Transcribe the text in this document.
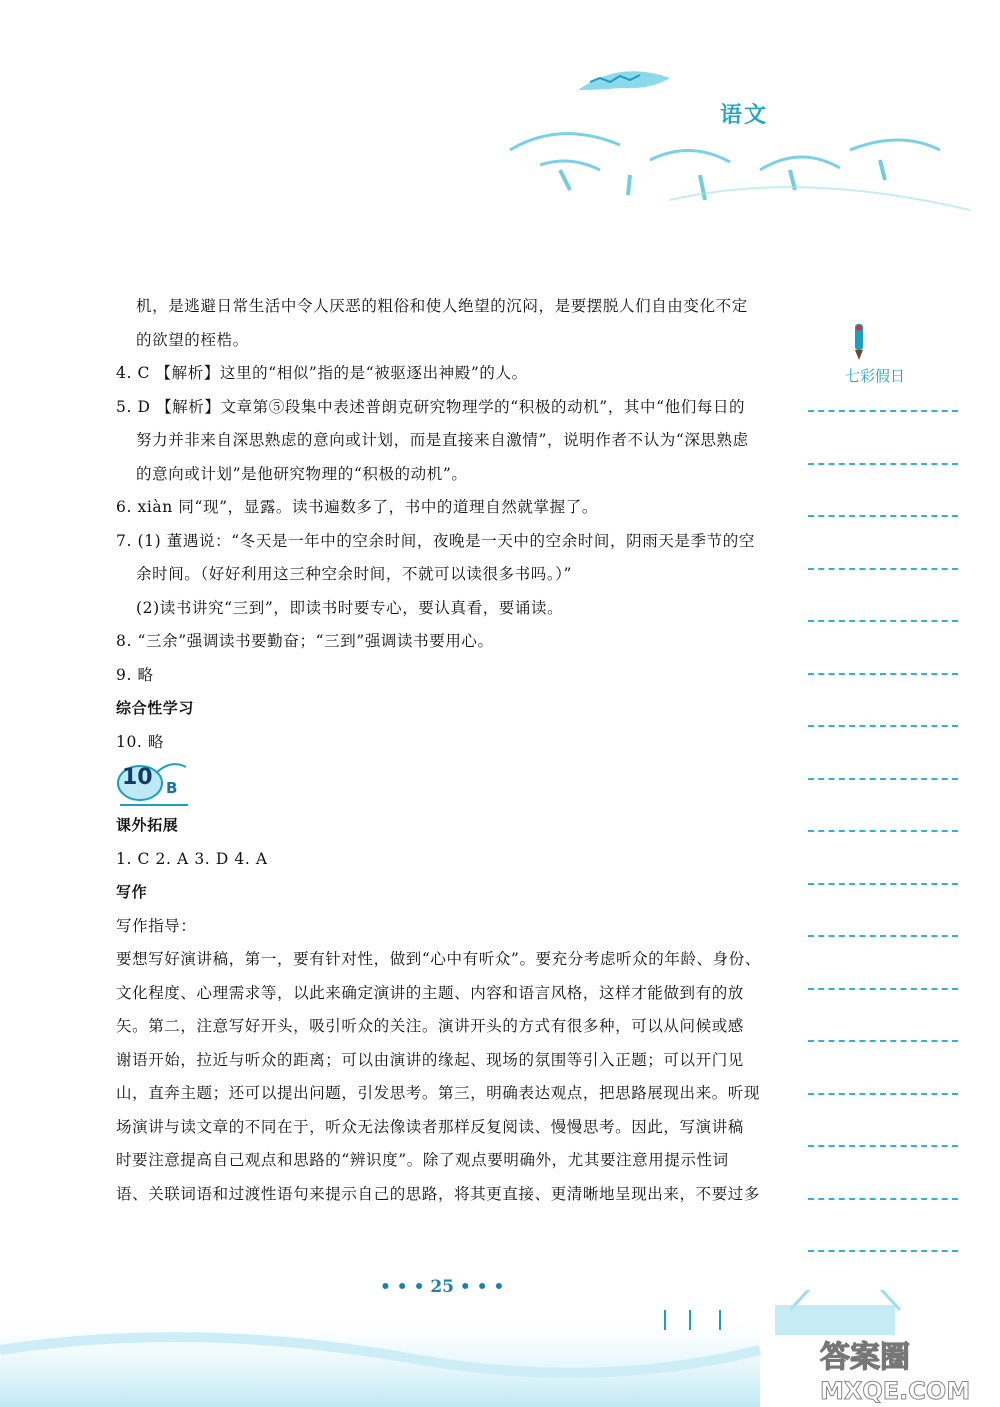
语文
七彩假日
机，是逃避日常生活中令人厌恶的粗俗和使人绝望的沉闷，是要摆脱人们自由变化不定
的欲望的桎梏。
4. C 【解析】这里的“相似”指的是“被驱逐出神殿”的人。
5. D 【解析】文章第⑤段集中表述普朗克研究物理学的“积极的动机”，其中“他们每日的
努力并非来自深思熟虑的意向或计划，而是直接来自激情”，说明作者不认为“深思熟虑
的意向或计划”是他研究物理的“积极的动机”。
6. xiàn 同“现”，显露。读书遍数多了，书中的道理自然就掌握了。
7. (1) 董遇说：“冬天是一年中的空余时间，夜晚是一天中的空余时间，阴雨天是季节的空
余时间。（好好利用这三种空余时间，不就可以读很多书吗。）”
(2)读书讲究“三到”，即读书时要专心，要认真看，要诵读。
8. “三余”强调读书要勤奋；“三到”强调读书要用心。
9. 略
综合性学习
10. 略
10 B
课外拓展
1. C 2. A 3. D 4. A
写作
写作指导：
要想写好演讲稿，第一，要有针对性，做到“心中有听众”。要充分考虑听众的年龄、身份、
文化程度、心理需求等，以此来确定演讲的主题、内容和语言风格，这样才能做到有的放
矢。第二，注意写好开头，吸引听众的关注。演讲开头的方式有很多种，可以从问候或感
谢语开始，拉近与听众的距离；可以由演讲的缘起、现场的氛围等引入正题；可以开门见
山，直奔主题；还可以提出问题，引发思考。第三，明确表达观点，把思路展现出来。听现
场演讲与读文章的不同在于，听众无法像读者那样反复阅读、慢慢思考。因此，写演讲稿
时要注意提高自己观点和思路的“辨识度”。除了观点要明确外，尤其要注意用提示性词
语、关联词语和过渡性语句来提示自己的思路，将其更直接、更清晰地呈现出来，不要过多
• • • 25 • • •
答案圈
MXQE.COM
